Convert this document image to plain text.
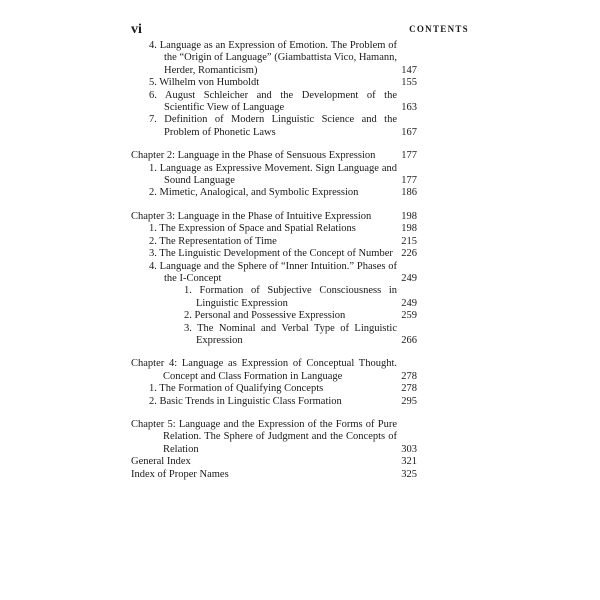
vi	CONTENTS
4. Language as an Expression of Emotion. The Problem of the “Origin of Language” (Giambattista Vico, Hamann, Herder, Romanticism)	147
5. Wilhelm von Humboldt	155
6. August Schleicher and the Development of the Scientific View of Language	163
7. Definition of Modern Linguistic Science and the Problem of Phonetic Laws	167
Chapter 2: Language in the Phase of Sensuous Expression	177
1. Language as Expressive Movement. Sign Language and Sound Language	177
2. Mimetic, Analogical, and Symbolic Expression	186
Chapter 3: Language in the Phase of Intuitive Expression	198
1. The Expression of Space and Spatial Relations	198
2. The Representation of Time	215
3. The Linguistic Development of the Concept of Number 226
4. Language and the Sphere of “Inner Intuition.” Phases of the I-Concept	249
1. Formation of Subjective Consciousness in Linguistic Expression	249
2. Personal and Possessive Expression	259
3. The Nominal and Verbal Type of Linguistic Expression	266
Chapter 4: Language as Expression of Conceptual Thought. Concept and Class Formation in Language	278
1. The Formation of Qualifying Concepts	278
2. Basic Trends in Linguistic Class Formation	295
Chapter 5: Language and the Expression of the Forms of Pure Relation. The Sphere of Judgment and the Concepts of Relation	303
General Index	321
Index of Proper Names	325
